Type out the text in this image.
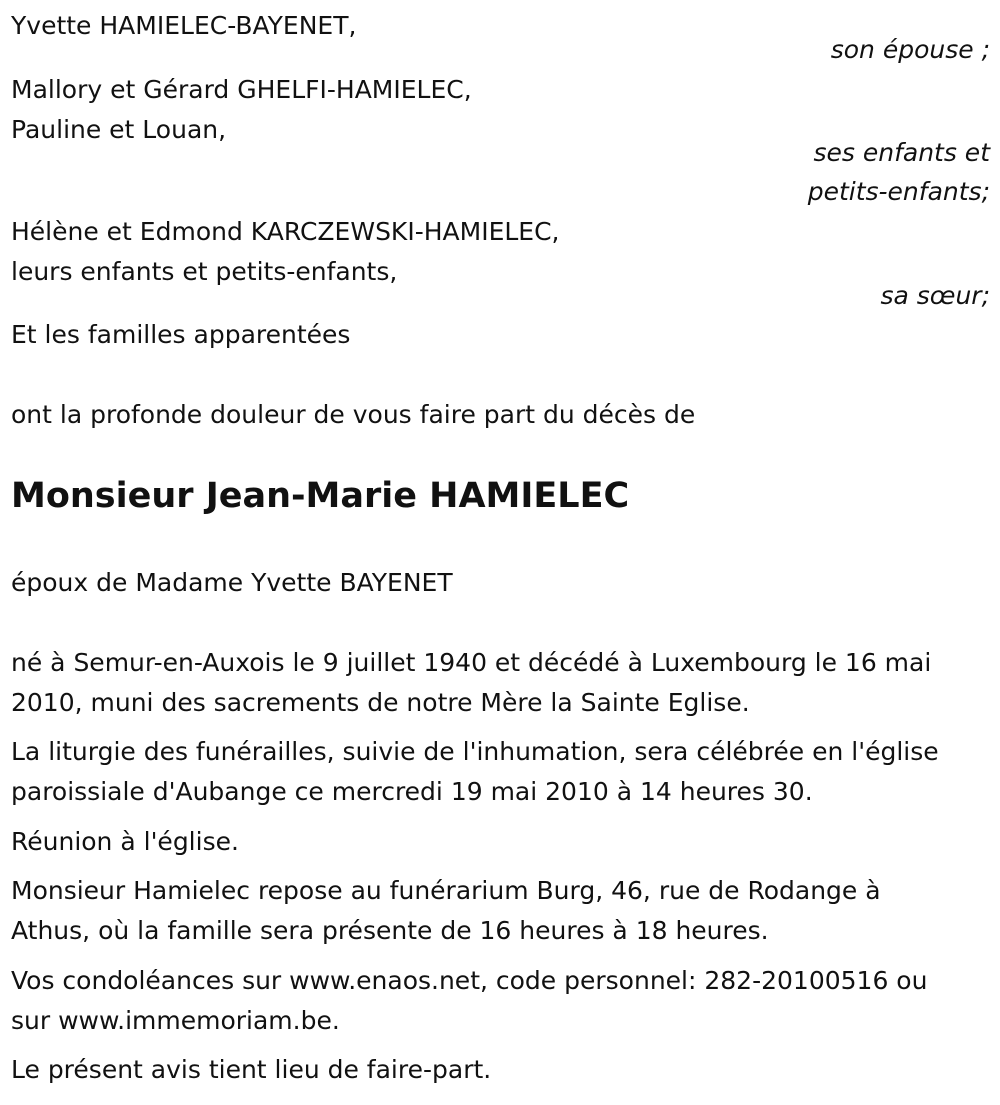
Yvette HAMIELEC-BAYENET,

son épouse ;

Mallory et Gérard GHELFI-HAMIELEC,

Pauline et Louan,

ses enfants et

petits-enfants;

Hélène et Edmond KARCZEWSKI-HAMIELEC,

leurs enfants et petits-enfants,

sa sœur;

Et les familles apparentées

ont la profonde douleur de vous faire part du décès de

Monsieur Jean-Marie HAMIELEC

époux de Madame Yvette BAYENET

né à Semur-en-Auxois le 9 juillet 1940 et décédé à Luxembourg le 16 mai

2010, muni des sacrements de notre Mère la Sainte Eglise.

La liturgie des funérailles, suivie de l'inhumation, sera célébrée en l'église

paroissiale d'Aubange ce mercredi 19 mai 2010 à 14 heures 30.

Réunion à l'église.

Monsieur Hamielec repose au funérarium Burg, 46, rue de Rodange à

Athus, où la famille sera présente de 16 heures à 18 heures.

Vos condoléances sur www.enaos.net, code personnel: 282-20100516 ou

sur www.immemoriam.be.

Le présent avis tient lieu de faire-part.
